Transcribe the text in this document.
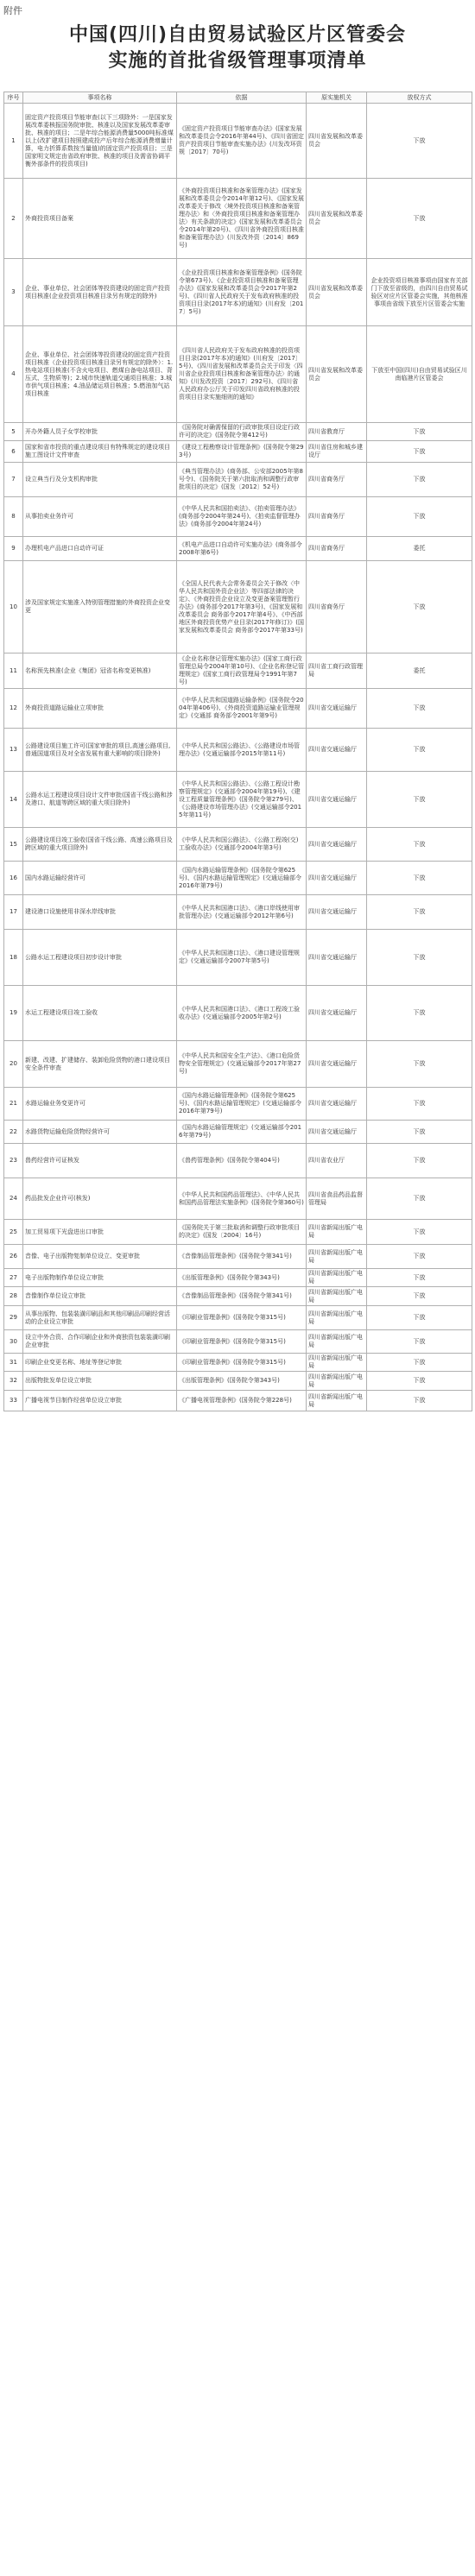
附件
中国(四川)自由贸易试验区片区管委会
实施的首批省级管理事项清单
序号	事项名称	依据	原实施机关	放权方式
1	固定资产投资项目节能审查(以下三项除外：一是国家发展改革委核报国务院审批、核准以及国家发展改革委审批、核准的项目；二是年综合能源消费量5000吨标准煤以上(改扩建项目按照建成投产后年综合能源消费增量计算，电力折算系数按当量值)的固定资产投资项目；三是国家明文规定由省政府审批、核准的项目及需省协调平衡外部条件的投资项目)	《固定资产投资项目节能审查办法》(国家发展和改革委员会令2016年第44号)、《四川省固定资产投资项目节能审查实施办法》(川发改环资规〔2017〕70号)	四川省发展和改革委员会	下放
2	外商投资项目备案	《外商投资项目核准和备案管理办法》(国家发展和改革委员会令2014年第12号)、《国家发展改革委关于修改〈境外投资项目核准和备案管理办法〉和〈外商投资项目核准和备案管理办法〉有关条款的决定》(国家发展和改革委员会令2014年第20号)、《四川省外商投资项目核准和备案管理办法》(川发改外资〔2014〕869号)	四川省发展和改革委员会	下放
3	企业、事业单位、社会团体等投资建设的固定资产投资项目核准(企业投资项目核准目录另有规定的除外)	《企业投资项目核准和备案管理条例》(国务院令第673号)、《企业投资项目核准和备案管理办法》(国家发展和改革委员会令2017年第2号)、《四川省人民政府关于发布政府核准的投资项目目录(2017年本)的通知》(川府发〔2017〕5号)	四川省发展和改革委员会	企业投资项目核准事项由国家有关部门下放至省级的，由四川自由贸易试验区对应片区管委会实施，其他核准事项由省级下放至片区管委会实施
4	企业、事业单位、社会团体等投资建设的固定资产投资项目核准（企业投资项目核准目录另有规定的除外）：1.热电站项目核准(不含火电项目、燃煤自备电站项目、背压式、生物质等)；2.城市快速轨道交通项目核准；3.城市供气项目核准；4.油品储运项目核准；5.燃油加气站项目核准	《四川省人民政府关于发布政府核准的投资项目目录(2017年本)的通知》(川府发〔2017〕5号)、《四川省发展和改革委员会关于印发〈四川省企业投资项目核准和备案管理办法〉的通知》(川发改投资〔2017〕292号)、《四川省人民政府办公厅关于印发四川省政府核准的投资项目目录实施细则的通知》	四川省发展和改革委员会	下放至中国(四川)自由贸易试验区川南临港片区管委会
5	开办外籍人员子女学校审批	《国务院对确需保留的行政审批项目设定行政许可的决定》(国务院令第412号)	四川省教育厅	下放
6	国家和省市投资的重点建设项目有特殊规定的建设项目施工图设计文件审查	《建设工程勘察设计管理条例》(国务院令第293号)	四川省住房和城乡建设厅	下放
7	设立典当行及分支机构审批	《典当管理办法》(商务部、公安部2005年第8号令)、《国务院关于第六批取消和调整行政审批项目的决定》(国发〔2012〕52号)	四川省商务厅	下放
8	从事拍卖业务许可	《中华人民共和国拍卖法》、《拍卖管理办法》(商务部令2004年第24号)、《拍卖监督管理办法》(商务部令2004年第24号)	四川省商务厅	下放
9	办理机电产品进口自动许可证	《机电产品进口自动许可实施办法》(商务部令2008年第6号)	四川省商务厅	委托
10	涉及国家规定实施准入特别管理措施的外商投资企业变更	《全国人民代表大会常务委员会关于修改〈中华人民共和国外资企业法〉等四部法律的决定》、《外商投资企业设立及变更备案管理暂行办法》(商务部令2017年第3号)、《国家发展和改革委员会 商务部令2017年第4号》、《中西部地区外商投资优势产业目录(2017年修订)》(国家发展和改革委员会 商务部令2017年第33号)	四川省商务厅	下放
11	名称预先核准(企业《集团》冠省名称变更核准)	《企业名称登记管理实施办法》(国家工商行政管理总局令2004年第10号)、《企业名称登记管理规定》(国家工商行政管理局令1991年第7号)	四川省工商行政管理局	委托
12	外商投资道路运输业立项审批	《中华人民共和国道路运输条例》(国务院令2004年第406号)、《外商投资道路运输业管理规定》(交通部 商务部令2001年第9号)	四川省交通运输厅	下放
13	公路建设项目施工许可(国家审批的项目,高速公路项目,普通国道项目及对全省发展有重大影响的项目除外)	《中华人民共和国公路法》、《公路建设市场管理办法》(交通运输部令2015年第11号)	四川省交通运输厅	下放
14	公路水运工程建设项目设计文件审批(国省干线公路和涉及港口、航道等跨区域的重大项目除外)	《中华人民共和国公路法》、《公路工程设计勘察管理规定》(交通部令2004年第19号)、《建设工程质量管理条例》(国务院令第279号)、《公路建设市场管理办法》(交通运输部令2015年第11号)	四川省交通运输厅	下放
15	公路建设项目竣工验收(国省干线公路、高速公路项目及跨区域的重大项目除外)	《中华人民共和国公路法》、《公路工程竣(交)工验收办法》(交通部令2004年第3号)	四川省交通运输厅	下放
16	国内水路运输经营许可	《国内水路运输管理条例》(国务院令第625号)、《国内水路运输管理规定》(交通运输部令2016年第79号)	四川省交通运输厅	下放
17	建设港口设施使用非深水岸线审批	《中华人民共和国港口法》、《港口岸线使用审批管理办法》(交通运输部令2012年第6号)	四川省交通运输厅	下放
18	公路水运工程建设项目初步设计审批	《中华人民共和国港口法》、《港口建设管理规定》(交通运输部令2007年第5号)	四川省交通运输厅	下放
19	水运工程建设项目竣工验收	《中华人民共和国港口法》、《港口工程竣工验收办法》(交通运输部令2005年第2号)	四川省交通运输厅	下放
20	新建、改建、扩建储存、装卸危险货物的港口建设项目安全条件审查	《中华人民共和国安全生产法》、《港口危险货物安全管理规定》(交通运输部令2017年第27号)	四川省交通运输厅	下放
21	水路运输业务变更许可	《国内水路运输管理条例》(国务院令第625号)、《国内水路运输管理规定》(交通运输部令2016年第79号)	四川省交通运输厅	下放
22	水路货物运输危险货物经营许可	《国内水路运输管理规定》(交通运输部令2016年第79号)	四川省交通运输厅	下放
23	兽药经营许可证核发	《兽药管理条例》(国务院令第404号)	四川省农业厅	下放
24	药品批发企业许可(核发)	《中华人民共和国药品管理法》、《中华人民共和国药品管理法实施条例》(国务院令第360号)	四川省食品药品监督管理局	下放
25	加工贸易项下光盘进出口审批	《国务院关于第三批取消和调整行政审批项目的决定》(国发〔2004〕16号)	四川省新闻出版广电局	下放
26	音像、电子出版物复制单位设立、变更审批	《音像制品管理条例》(国务院令第341号)	四川省新闻出版广电局	下放
27	电子出版物制作单位设立审批	《出版管理条例》(国务院令第343号)	四川省新闻出版广电局	下放
28	音像制作单位设立审批	《音像制品管理条例》(国务院令第341号)	四川省新闻出版广电局	下放
29	从事出版物、包装装潢印刷品和其他印刷品印刷经营活动的企业设立审批	《印刷业管理条例》(国务院令第315号)	四川省新闻出版广电局	下放
30	设立中外合资、合作印刷企业和外商独资包装装潢印刷企业审批	《印刷业管理条例》(国务院令第315号)	四川省新闻出版广电局	下放
31	印刷企业变更名称、地址等登记审批	《印刷业管理条例》(国务院令第315号)	四川省新闻出版广电局	下放
32	出版物批发单位设立审批	《出版管理条例》(国务院令第343号)	四川省新闻出版广电局	下放
33	广播电视节目制作经营单位设立审批	《广播电视管理条例》(国务院令第228号)	四川省新闻出版广电局	下放
